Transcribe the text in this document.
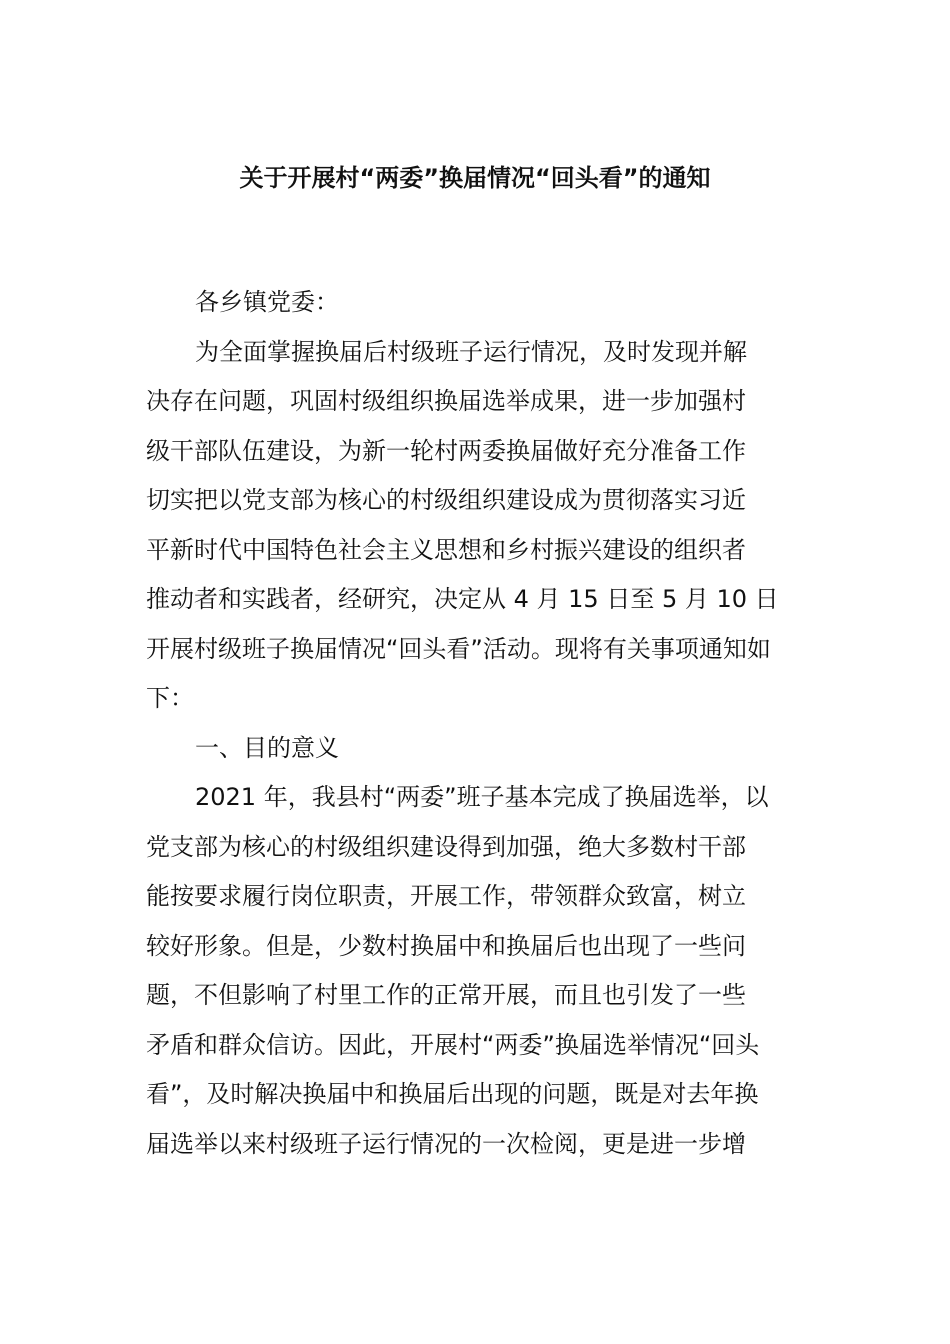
关于开展村“两委”换届情况“回头看”的通知
各乡镇党委：
为全面掌握换届后村级班子运行情况，及时发现并解
决存在问题，巩固村级组织换届选举成果，进一步加强村
级干部队伍建设，为新一轮村两委换届做好充分准备工作
切实把以党支部为核心的村级组织建设成为贯彻落实习近
平新时代中国特色社会主义思想和乡村振兴建设的组织者
推动者和实践者，经研究，决定从 4 月 15 日至 5 月 10 日
开展村级班子换届情况“回头看”活动。现将有关事项通知如
下：
一、目的意义
2021 年，我县村“两委”班子基本完成了换届选举，以
党支部为核心的村级组织建设得到加强，绝大多数村干部
能按要求履行岗位职责，开展工作，带领群众致富，树立
较好形象。但是，少数村换届中和换届后也出现了一些问
题，不但影响了村里工作的正常开展，而且也引发了一些
矛盾和群众信访。因此，开展村“两委”换届选举情况“回头
看”，及时解决换届中和换届后出现的问题，既是对去年换
届选举以来村级班子运行情况的一次检阅，更是进一步增
